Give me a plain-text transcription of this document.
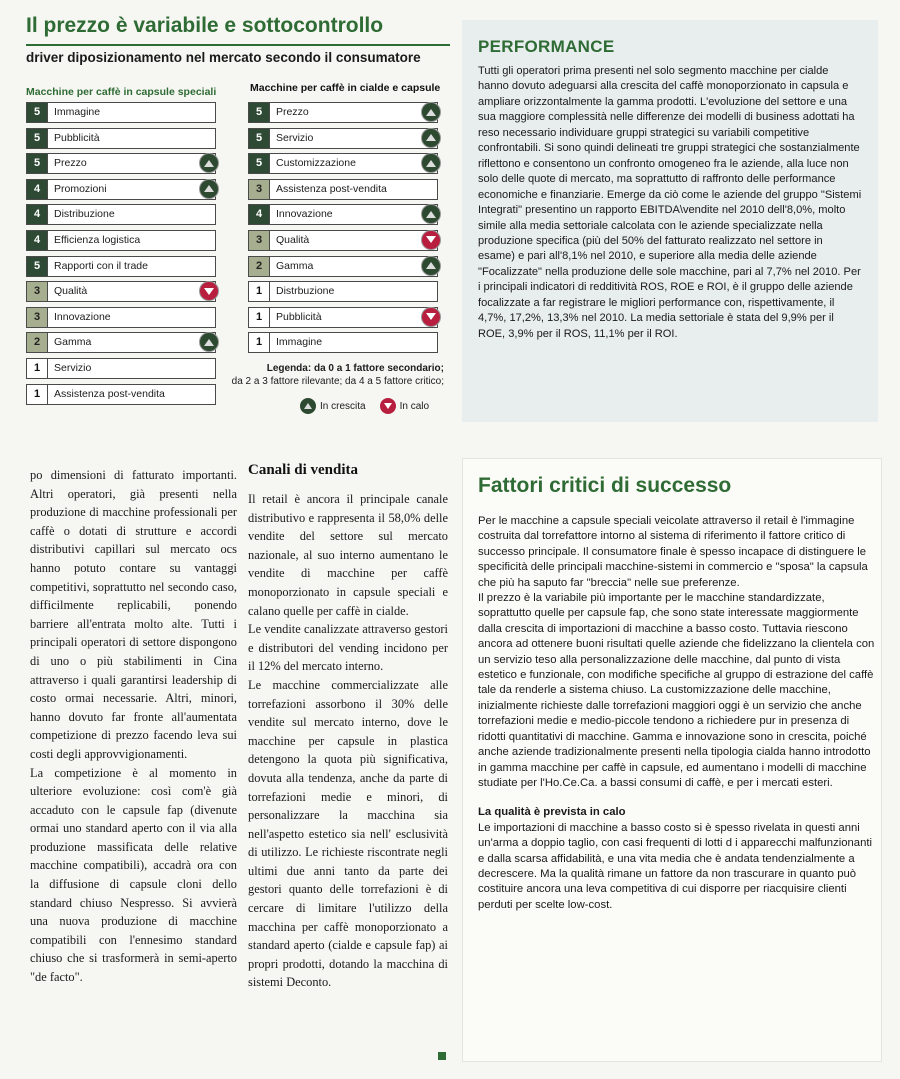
Il prezzo è variabile e sottocontrollo
driver diposizionamento nel mercato secondo il consumatore
Macchine per caffè in capsule speciali	Macchine per caffè in cialde e capsule
5	Immagine
5	Pubblicità
5	Prezzo
4	Promozioni
4	Distribuzione
4	Efficienza logistica
5	Rapporti con il trade
3	Qualità
3	Innovazione
2	Gamma
1	Servizio
1	Assistenza post-vendita
5	Prezzo
5	Servizio
5	Customizzazione
3	Assistenza post-vendita
4	Innovazione
3	Qualità
2	Gamma
1	Distrbuzione
1	Pubblicità
1	Immagine
Legenda: da 0 a 1 fattore secondario;
da 2 a 3 fattore rilevante; da 4 a 5 fattore critico;
In crescita	In calo
PERFORMANCE
Tutti gli operatori prima presenti nel solo segmento macchine per cialde hanno dovuto adeguarsi alla crescita del caffè monoporzionato in capsula e ampliare orizzontalmente la gamma prodotti. L'evoluzione del settore e una sua maggiore complessità nelle differenze dei modelli di business adottati ha reso necessario individuare gruppi strategici su variabili competitive confrontabili. Si sono quindi delineati tre gruppi strategici che sostanzialmente riflettono e consentono un confronto omogeneo fra le aziende, alla luce non solo delle quote di mercato, ma soprattutto di raffronto delle performance economiche e finanziarie. Emerge da ciò come le aziende del gruppo "Sistemi Integrati" presentino un rapporto EBITDA\vendite nel 2010 dell'8,0%, molto simile alla media settoriale calcolata con le aziende specializzate nella produzione specifica (più del 50% del fatturato realizzato nel settore in esame) e pari all'8,1% nel 2010, e superiore alla media delle aziende "Focalizzate" nella produzione delle sole macchine, pari al 7,7% nel 2010. Per i principali indicatori di redditività ROS, ROE e ROI, è il gruppo delle aziende focalizzate a far registrare le migliori performance con, rispettivamente, il 4,7%, 17,2%, 13,3% nel 2010. La media settoriale è stata del 9,9% per il ROE, 3,9% per il ROS, 11,1% per il ROI.
po dimensioni di fatturato importanti. Altri operatori, già presenti nella produzione di macchine professionali per caffè o dotati di strutture e accordi distributivi capillari sul mercato ocs hanno potuto contare su vantaggi competitivi, soprattutto nel secondo caso, difficilmente replicabili, ponendo barriere all'entrata molto alte. Tutti i principali operatori di settore dispongono di uno o più stabilimenti in Cina attraverso i quali garantirsi leadership di costo ormai necessarie. Altri, minori, hanno dovuto far fronte all'aumentata competizione di prezzo facendo leva sui costi degli approvvigionamenti.
La competizione è al momento in ulteriore evoluzione: così com'è già accaduto con le capsule fap (divenute ormai uno standard aperto con il via alla produzione massificata delle relative macchine compatibili), accadrà ora con la diffusione di capsule cloni dello standard chiuso Nespresso. Si avvierà una nuova produzione di macchine compatibili con l'ennesimo standard chiuso che si trasformerà in semi-aperto "de facto".
Canali di vendita
Il retail è ancora il principale canale distributivo e rappresenta il 58,0% delle vendite del settore sul mercato nazionale, al suo interno aumentano le vendite di macchine per caffè monoporzionato in capsule speciali e calano quelle per caffè in cialde.
Le vendite canalizzate attraverso gestori e distributori del vending incidono per il 12% del mercato interno.
Le macchine commercializzate alle torrefazioni assorbono il 30% delle vendite sul mercato interno, dove le macchine per capsule in plastica detengono la quota più significativa, dovuta alla tendenza, anche da parte di torrefazioni medie e minori, di personalizzare la macchina sia nell'aspetto estetico sia nell' esclusività di utilizzo. Le richieste riscontrate negli ultimi due anni tanto da parte dei gestori quanto delle torrefazioni è di cercare di limitare l'utilizzo della macchina per caffè monoporzionato a standard aperto (cialde e capsule fap) ai propri prodotti, dotando la macchina di sistemi Deconto.
Fattori critici di successo
Per le macchine a capsule speciali veicolate attraverso il retail è l'immagine costruita dal torrefattore intorno al sistema di riferimento il fattore critico di successo principale. Il consumatore finale è spesso incapace di distinguere le specificità delle principali macchine-sistemi in commercio e "sposa" la capsula che più ha saputo far "breccia" nelle sue preferenze.
Il prezzo è la variabile più importante per le macchine standardizzate, soprattutto quelle per capsule fap, che sono state interessate maggiormente dalla crescita di importazioni di macchine a basso costo. Tuttavia riescono ancora ad ottenere buoni risultati quelle aziende che fidelizzano la clientela con un servizio teso alla personalizzazione delle macchine, dal punto di vista estetico e funzionale, con modifiche specifiche al gruppo di estrazione del caffè tale da renderle a sistema chiuso. La customizzazione delle macchine, inizialmente richieste dalle torrefazioni maggiori oggi è un servizio che anche torrefazioni medie e medio-piccole tendono a richiedere pur in presenza di ridotti quantitativi di macchine. Gamma e innovazione sono in crescita, poiché anche aziende tradizionalmente presenti nella tipologia cialda hanno introdotto in gamma macchine per caffè in capsule, ed aumentano i modelli di macchine studiate per l'Ho.Ce.Ca. a bassi consumi di caffè, e per i mercati esteri.
La qualità è prevista in calo
Le importazioni di macchine a basso costo si è spesso rivelata in questi anni un'arma a doppio taglio, con casi frequenti di lotti d i apparecchi malfunzionanti e dalla scarsa affidabilità, e una vita media che è andata tendenzialmente a decrescere. Ma la qualità rimane un fattore da non trascurare in quanto può costituire ancora una leva competitiva di cui disporre per riacquisire clienti perduti per scelte low-cost.
